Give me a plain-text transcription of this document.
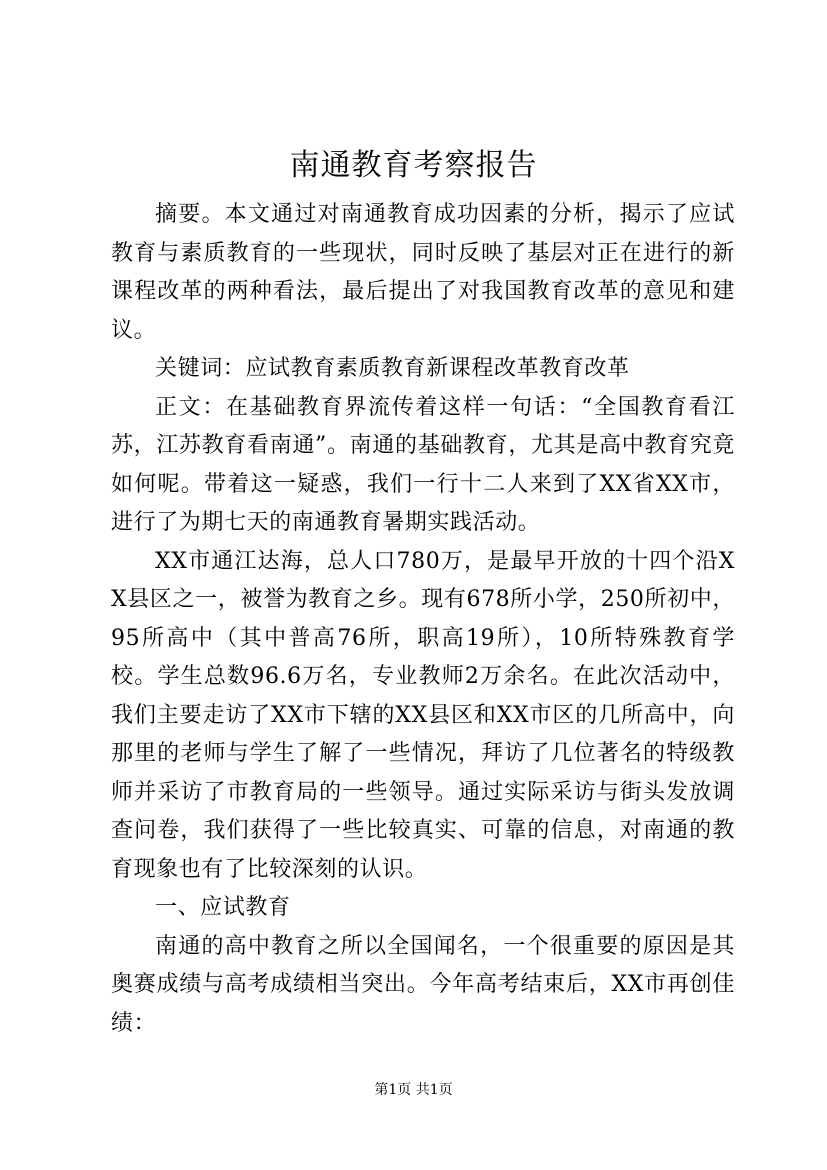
南通教育考察报告

摘要。本文通过对南通教育成功因素的分析，揭示了应试教育与素质教育的一些现状，同时反映了基层对正在进行的新课程改革的两种看法，最后提出了对我国教育改革的意见和建议。

关键词：应试教育素质教育新课程改革教育改革

正文：在基础教育界流传着这样一句话：“全国教育看江苏，江苏教育看南通”。南通的基础教育，尤其是高中教育究竟如何呢。带着这一疑惑，我们一行十二人来到了XX省XX市，进行了为期七天的南通教育暑期实践活动。

XX市通江达海，总人口780万，是最早开放的十四个沿XX县区之一，被誉为教育之乡。现有678所小学，250所初中，95所高中（其中普高76所，职高19所），10所特殊教育学校。学生总数96.6万名，专业教师2万余名。在此次活动中，我们主要走访了XX市下辖的XX县区和XX市区的几所高中，向那里的老师与学生了解了一些情况，拜访了几位著名的特级教师并采访了市教育局的一些领导。通过实际采访与街头发放调查问卷，我们获得了一些比较真实、可靠的信息，对南通的教育现象也有了比较深刻的认识。

一、应试教育

南通的高中教育之所以全国闻名，一个很重要的原因是其奥赛成绩与高考成绩相当突出。今年高考结束后，XX市再创佳绩：

第1页 共1页
